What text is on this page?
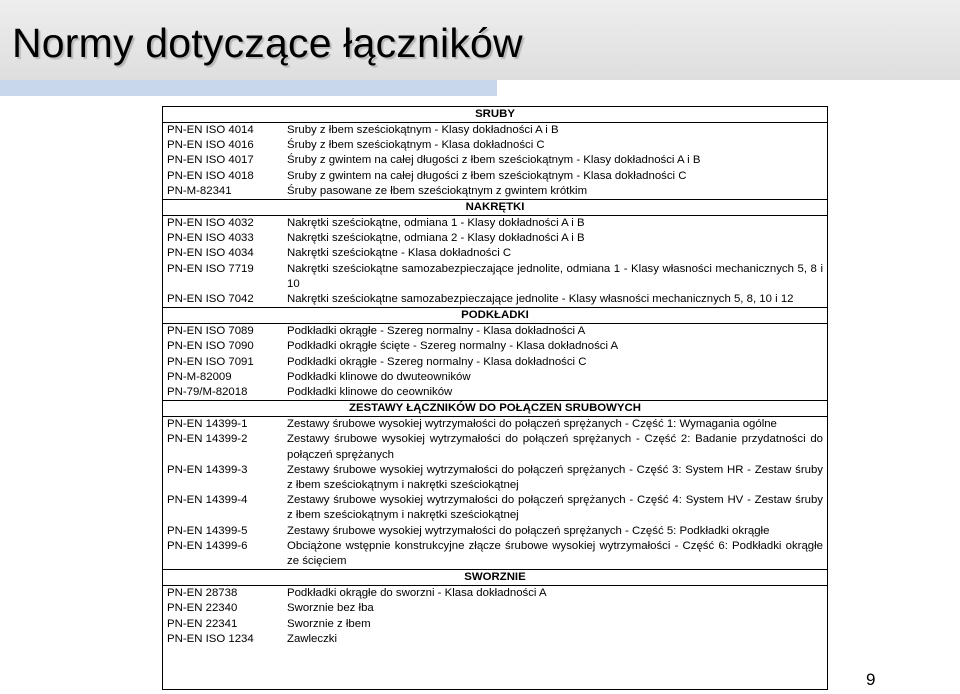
Normy dotyczące łączników
SRUBY	
PN-EN ISO 4014	Sruby z łbem sześciokątnym - Klasy dokładności A i B
PN-EN ISO 4016	Śruby z łbem sześciokątnym - Klasa dokładności C
PN-EN ISO 4017	Śruby z gwintem na całej długości z łbem sześciokątnym - Klasy dokładności A i B
PN-EN ISO 4018	Sruby z gwintem na całej długości z łbem sześciokątnym - Klasa dokładności C
PN-M-82341	Śruby pasowane ze łbem sześciokątnym z gwintem krótkim
NAKRĘTKI	
PN-EN ISO 4032	Nakrętki sześciokątne, odmiana 1 - Klasy dokładności A i B
PN-EN ISO 4033	Nakrętki sześciokątne, odmiana 2 - Klasy dokładności A i B
PN-EN ISO 4034	Nakrętki sześciokątne - Klasa dokładności C
PN-EN ISO 7719	Nakrętki sześciokątne samozabezpieczające jednolite, odmiana 1 - Klasy własności mechanicznych 5, 8 i 10
PN-EN ISO 7042	Nakrętki sześciokątne samozabezpieczające jednolite - Klasy własności mechanicznych 5, 8, 10 i 12
PODKŁADKI	
PN-EN ISO 7089	Podkładki okrągłe - Szereg normalny - Klasa dokładności A
PN-EN ISO 7090	Podkładki okrągłe ścięte - Szereg normalny - Klasa dokładności A
PN-EN ISO 7091	Podkładki okrągłe - Szereg normalny - Klasa dokładności C
PN-M-82009	Podkładki klinowe do dwuteowników
PN-79/M-82018	Podkładki klinowe do ceowników
ZESTAWY ŁĄCZNIKÓW DO POŁĄCZEN SRUBOWYCH	
PN-EN 14399-1	Zestawy śrubowe wysokiej wytrzymałości do połączeń sprężanych - Część 1: Wymagania ogólne
PN-EN 14399-2	Zestawy śrubowe wysokiej wytrzymałości do połączeń sprężanych - Część 2: Badanie przydatności do połączeń sprężanych
PN-EN 14399-3	Zestawy śrubowe wysokiej wytrzymałości do połączeń sprężanych - Część 3: System HR - Zestaw śruby z łbem sześciokątnym i nakrętki sześciokątnej
PN-EN 14399-4	Zestawy śrubowe wysokiej wytrzymałości do połączeń sprężanych - Część 4: System HV - Zestaw śruby z łbem sześciokątnym i nakrętki sześciokątnej
PN-EN 14399-5	Zestawy śrubowe wysokiej wytrzymałości do połączeń sprężanych - Część 5: Podkładki okrągłe
PN-EN 14399-6	Obciążone wstępnie konstrukcyjne złącze śrubowe wysokiej wytrzymałości - Część 6: Podkładki okrągłe ze ścięciem
SWORZNIE	
PN-EN 28738	Podkładki okrągłe do sworzni - Klasa dokładności A
PN-EN 22340	Sworznie bez łba
PN-EN 22341	Sworznie z łbem
PN-EN ISO 1234	Zawleczki
9
